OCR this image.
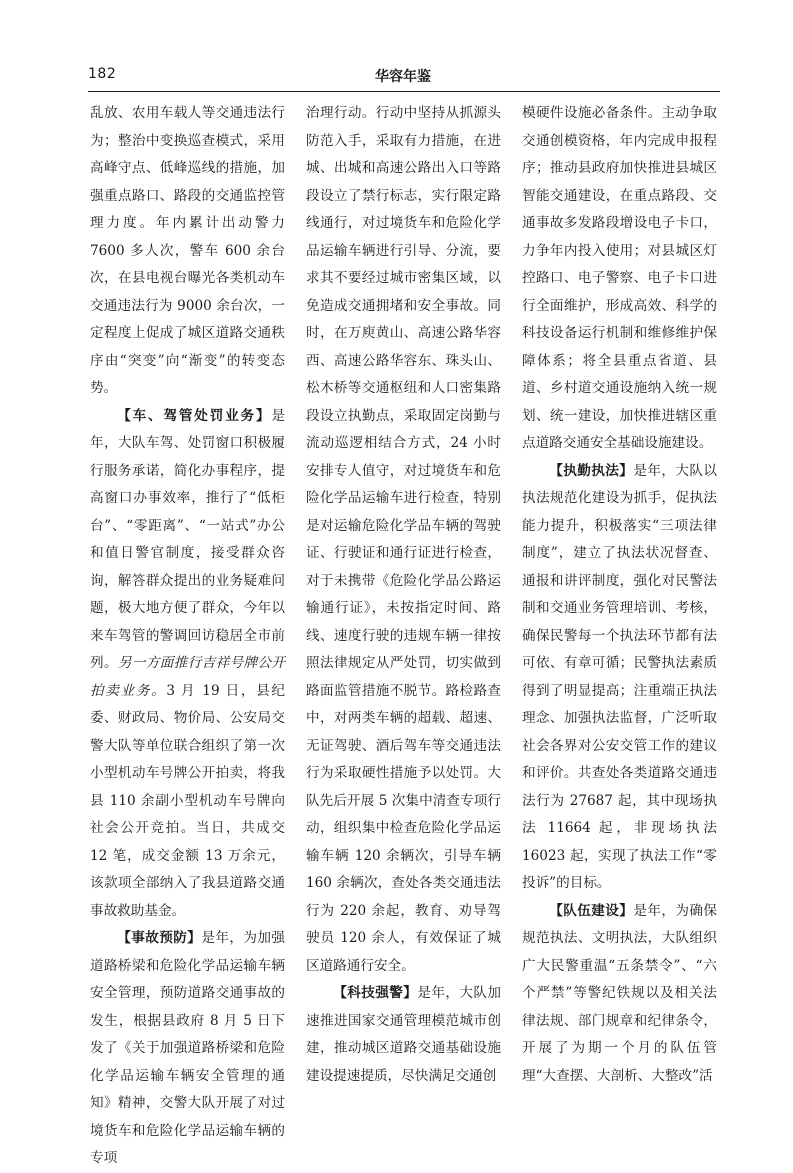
182	华容年鉴

乱放、农用车载人等交通违法行为；整治中变换巡查模式，采用高峰守点、低峰巡线的措施，加强重点路口、路段的交通监控管理力度。年内累计出动警力 7600 多人次，警车 600 余台次，在县电视台曝光各类机动车交通违法行为 9000 余台次，一定程度上促成了城区道路交通秩序由“突变”向“渐变”的转变态势。

【车、驾管处罚业务】是年，大队车驾、处罚窗口积极履行服务承诺，简化办事程序，提高窗口办事效率，推行了“低柜台”、“零距离”、“一站式”办公和值日警官制度，接受群众咨询，解答群众提出的业务疑难问题，极大地方便了群众，今年以来车驾管的警调回访稳居全市前列。另一方面推行吉祥号牌公开拍卖业务。3 月 19 日，县纪委、财政局、物价局、公安局交警大队等单位联合组织了第一次小型机动车号牌公开拍卖，将我县 110 余副小型机动车号牌向社会公开竞拍。当日，共成交 12 笔，成交金额 13 万余元，该款项全部纳入了我县道路交通事故救助基金。

【事故预防】是年，为加强道路桥梁和危险化学品运输车辆安全管理，预防道路交通事故的发生，根据县政府 8 月 5 日下发了《关于加强道路桥梁和危险化学品运输车辆安全管理的通知》精神，交警大队开展了对过境货车和危险化学品运输车辆的专项

治理行动。行动中坚持从抓源头防范入手，采取有力措施，在进城、出城和高速公路出入口等路段设立了禁行标志，实行限定路线通行，对过境货车和危险化学品运输车辆进行引导、分流，要求其不要经过城市密集区域，以免造成交通拥堵和安全事故。同时，在万庾黄山、高速公路华容西、高速公路华容东、珠头山、松木桥等交通枢纽和人口密集路段设立执勤点，采取固定岗勤与流动巡逻相结合方式，24 小时安排专人值守，对过境货车和危险化学品运输车进行检查，特别是对运输危险化学品车辆的驾驶证、行驶证和通行证进行检查，对于未携带《危险化学品公路运输通行证》，未按指定时间、路线、速度行驶的违规车辆一律按照法律规定从严处罚，切实做到路面监管措施不脱节。路检路查中，对两类车辆的超载、超速、无证驾驶、酒后驾车等交通违法行为采取硬性措施予以处罚。大队先后开展 5 次集中清查专项行动，组织集中检查危险化学品运输车辆 120 余辆次，引导车辆 160 余辆次，查处各类交通违法行为 220 余起，教育、劝导驾驶员 120 余人，有效保证了城区道路通行安全。

【科技强警】是年，大队加速推进国家交通管理模范城市创建，推动城区道路交通基础设施建设提速提质，尽快满足交通创

模硬件设施必备条件。主动争取交通创模资格，年内完成申报程序；推动县政府加快推进县城区智能交通建设，在重点路段、交通事故多发路段增设电子卡口，力争年内投入使用；对县城区灯控路口、电子警察、电子卡口进行全面维护，形成高效、科学的科技设备运行机制和维修维护保障体系；将全县重点省道、县道、乡村道交通设施纳入统一规划、统一建设，加快推进辖区重点道路交通安全基础设施建设。

【执勤执法】是年，大队以执法规范化建设为抓手，促执法能力提升，积极落实“三项法律制度”，建立了执法状况督查、通报和讲评制度，强化对民警法制和交通业务管理培训、考核，确保民警每一个执法环节都有法可依、有章可循；民警执法素质得到了明显提高；注重端正执法理念、加强执法监督，广泛听取社会各界对公安交管工作的建议和评价。共查处各类道路交通违法行为 27687 起，其中现场执法 11664 起，非现场执法 16023 起，实现了执法工作“零投诉”的目标。

【队伍建设】是年，为确保规范执法、文明执法，大队组织广大民警重温“五条禁令”、“六个严禁”等警纪铁规以及相关法律法规、部门规章和纪律条令，开展了为期一个月的队伍管理“大查摆、大剖析、大整改”活
